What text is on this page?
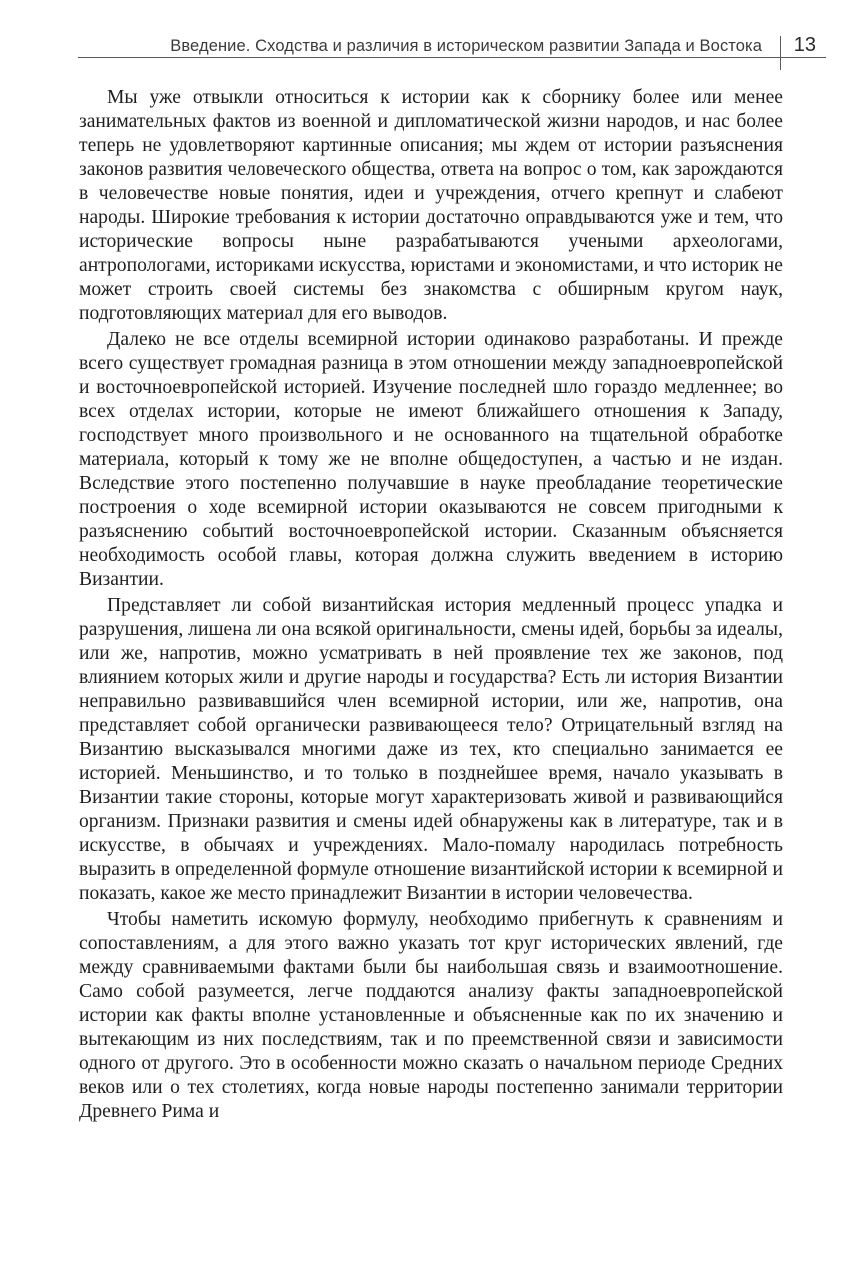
Введение. Сходства и различия в историческом развитии Запада и Востока 13

Мы уже отвыкли относиться к истории как к сборнику более или менее занимательных фактов из военной и дипломатической жизни народов, и нас более теперь не удовлетворяют картинные описания; мы ждем от истории разъяснения законов развития человеческого общества, ответа на вопрос о том, как зарождаются в человечестве новые понятия, идеи и учреждения, отчего крепнут и слабеют народы. Широкие требования к истории достаточно оправдываются уже и тем, что исторические вопросы ныне разрабатываются учеными археологами, антропологами, историками искусства, юристами и экономистами, и что историк не может строить своей системы без знакомства с обширным кругом наук, подготовляющих материал для его выводов.

Далеко не все отделы всемирной истории одинаково разработаны. И прежде всего существует громадная разница в этом отношении между западноевропейской и восточноевропейской историей. Изучение последней шло гораздо медленнее; во всех отделах истории, которые не имеют ближайшего отношения к Западу, господствует много произвольного и не основанного на тщательной обработке материала, который к тому же не вполне общедоступен, а частью и не издан. Вследствие этого постепенно получавшие в науке преобладание теоретические построения о ходе всемирной истории оказываются не совсем пригодными к разъяснению событий восточноевропейской истории. Сказанным объясняется необходимость особой главы, которая должна служить введением в историю Византии.

Представляет ли собой византийская история медленный процесс упадка и разрушения, лишена ли она всякой оригинальности, смены идей, борьбы за идеалы, или же, напротив, можно усматривать в ней проявление тех же законов, под влиянием которых жили и другие народы и государства? Есть ли история Византии неправильно развивавшийся член всемирной истории, или же, напротив, она представляет собой органически развивающееся тело? Отрицательный взгляд на Византию высказывался многими даже из тех, кто специально занимается ее историей. Меньшинство, и то только в позднейшее время, начало указывать в Византии такие стороны, которые могут характеризовать живой и развивающийся организм. Признаки развития и смены идей обнаружены как в литературе, так и в искусстве, в обычаях и учреждениях. Мало-помалу народилась потребность выразить в определенной формуле отношение византийской истории к всемирной и показать, какое же место принадлежит Византии в истории человечества.

Чтобы наметить искомую формулу, необходимо прибегнуть к сравнениям и сопоставлениям, а для этого важно указать тот круг исторических явлений, где между сравниваемыми фактами были бы наибольшая связь и взаимоотношение. Само собой разумеется, легче поддаются анализу факты западноевропейской истории как факты вполне установленные и объясненные как по их значению и вытекающим из них последствиям, так и по преемственной связи и зависимости одного от другого. Это в особенности можно сказать о начальном периоде Средних веков или о тех столетиях, когда новые народы постепенно занимали территории Древнего Рима и
